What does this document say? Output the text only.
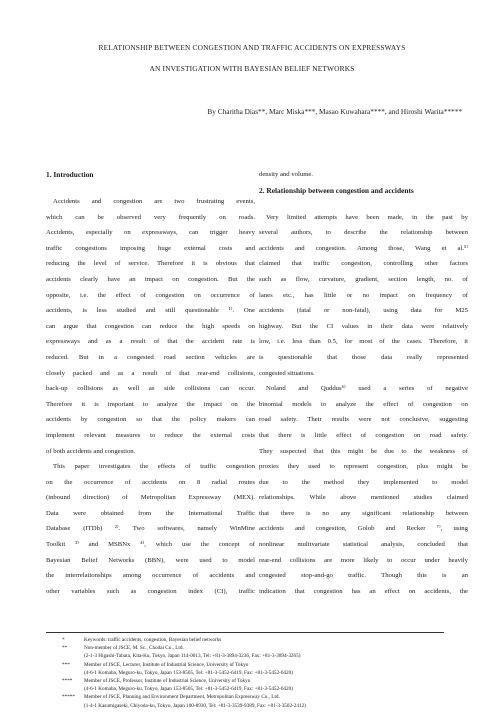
RELATIONSHIP BETWEEN CONGESTION AND TRAFFIC ACCIDENTS ON EXPRESSWAYS
AN INVESTIGATION WITH BAYESIAN BELIEF NETWORKS
By Charitha Dias**, Marc Miska***, Masao Kuwahara****, and Hiroshi Warita*****
1. Introduction
Accidents and congestion are two frustrating events,
which can be observed very frequently on roads.
Accidents, especially on expressways, can trigger heavy
traffic congestions imposing huge external costs and
reducing the level of service. Therefore it is obvious that
accidents clearly have an impact on congestion. But the
opposite, i.e. the effect of congestion on occurrence of
accidents, is less studied and still questionable ¹⁾. One
can argue that congestion can reduce the high speeds on
expressways and as a result of that the accident rate is
reduced. But in a congested road section vehicles are
closely packed and as a result of that rear-end collisions,
back-up collisions as well as side collisions can occur.
Therefore it is important to analyze the impact on the
accidents by congestion so that the policy makers can
implement relevant measures to reduce the external costs
of both accidents and congestion.
This paper investigates the effects of traffic congestion
on the occurrence of accidents on 8 radial routes
(inbound direction) of Metropolitan Expressway (MEX).
Data were obtained from the International Traffic
Database (ITDb) ²⁾. Two softwares, namely WinMine
Toolkit ³⁾ and MSBNx ⁴⁾, which use the concept of
Bayesian Belief Networks (BBN), were used to model
the interrelationships among occurrence of accidents and
other variables such as congestion index (CI), traffic
density and volume.
2. Relationship between congestion and accidents
Very limited attempts have been made, in the past by
several authors, to describe the relationship between
accidents and congestion. Among those, Wang et al.⁵⁾
claimed that traffic congestion, controlling other factors
such as flow, curvature, gradient, section length, no. of
lanes etc., has little or no impact on frequency of
accidents (fatal or non-fatal), using data for M25
highway. But the CI values in their data were relatively
low, i.e. less than 0.5, for most of the cases. Therefore, it
is questionable that those data really represented
congested situations.
Noland and Quddus⁶⁾ used a series of negative
binomial models to analyze the effect of congestion on
road safety. Their results were not conclusive, suggesting
that there is little effect of congestion on road safety.
They suspected that this might be due to the weakness of
proxies they used to represent congestion, plus might be
due to the method they implemented to model
relationships. While above mentioned studies claimed
that there is no any significant relationship between
accidents and congestion, Golob and Recker ⁷⁾, using
nonlinear multivariate statistical analysis, concluded that
rear-end collisions are more likely to occur under heavily
congested stop-and-go traffic. Though this is an
indication that congestion has an effect on accidents, the
*	Keywords: traffic accidents, congestion, Bayesian belief networks
**	Non-member of JSCE, M. Sc., Chodai Co., Ltd.
(2-1-3 Higashi-Tabata, Kita-Ku, Tokyo, Japan 114-0013, Tel: +81-3-3894-3236, Fax: +81-3-3894-3265)
***	Member of JSCE, Lecturer, Institute of Industrial Science, University of Tokyo
(4-6-1 Komaba, Meguro-ku, Tokyo, Japan 153-8505, Tel: +81-3-5452-6419, Fax: +81-3-5452-6420)
**** Member of JSCE, Professor, Institute of Industrial Science, University of Tokyo
(4-6-1 Komaba, Meguro-ku, Tokyo, Japan 153-8505, Tel: +81-3-5452-6419, Fax: +81-3-5452-6420)
***** Member of JSCE, Planning and Environment Department, Metropolitan Expressway Co., Ltd.
(1-4-1 Kasumigaseki, Chiyoda-ku, Tokyo, Japan 100-8930, Tel: +81-3-3539-9389, Fax: +81-3-3502-2412)
